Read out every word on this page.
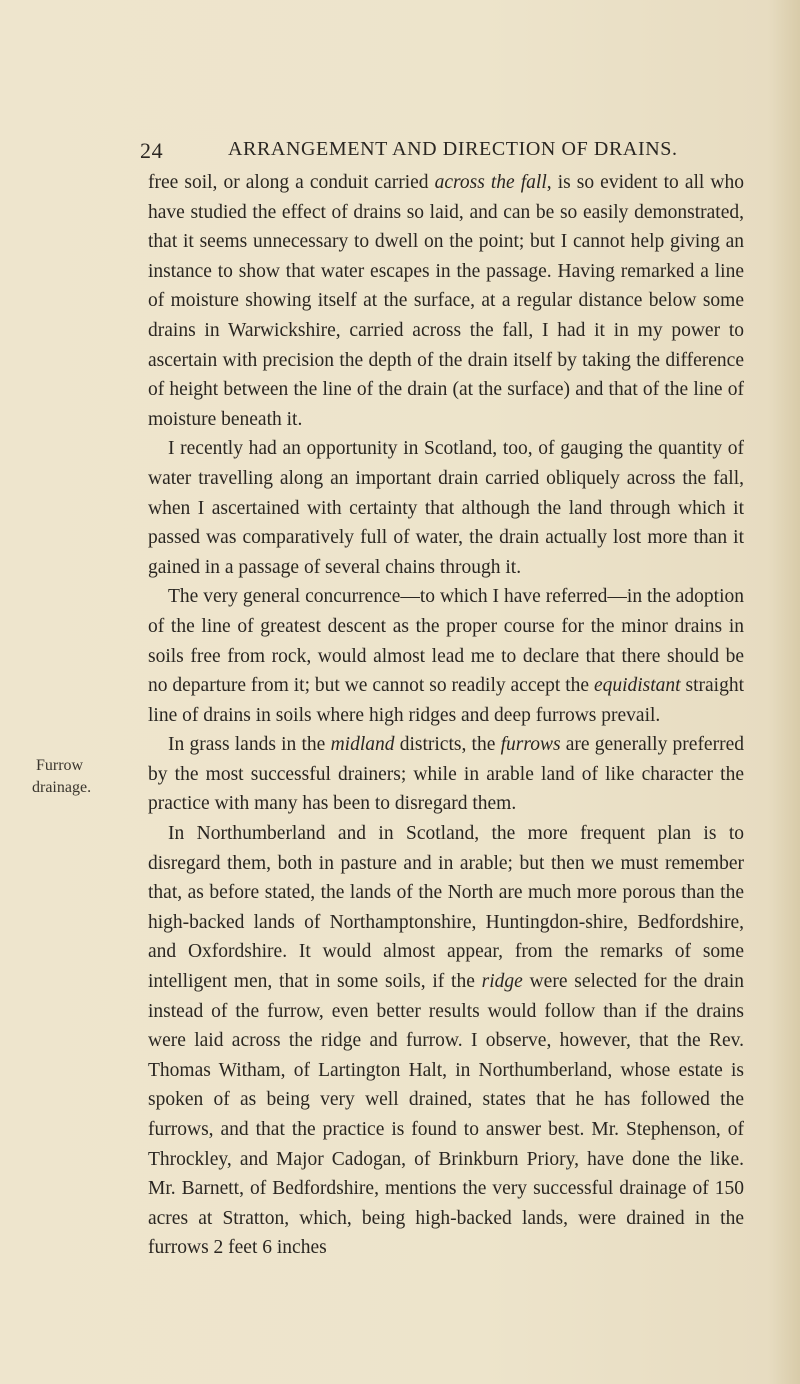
24	ARRANGEMENT AND DIRECTION OF DRAINS.
Furrow
drainage.

free soil, or along a conduit carried across the fall, is so evident to all who have studied the effect of drains so laid, and can be so easily demonstrated, that it seems unnecessary to dwell on the point; but I cannot help giving an instance to show that water escapes in the passage. Having remarked a line of moisture showing itself at the surface, at a regular distance below some drains in Warwickshire, carried across the fall, I had it in my power to ascertain with precision the depth of the drain itself by taking the difference of height between the line of the drain (at the surface) and that of the line of moisture beneath it.

I recently had an opportunity in Scotland, too, of gauging the quantity of water travelling along an important drain carried obliquely across the fall, when I ascertained with certainty that although the land through which it passed was comparatively full of water, the drain actually lost more than it gained in a passage of several chains through it.

The very general concurrence—to which I have referred—in the adoption of the line of greatest descent as the proper course for the minor drains in soils free from rock, would almost lead me to declare that there should be no departure from it; but we cannot so readily accept the equidistant straight line of drains in soils where high ridges and deep furrows prevail.

In grass lands in the midland districts, the furrows are generally preferred by the most successful drainers; while in arable land of like character the practice with many has been to disregard them.

In Northumberland and in Scotland, the more frequent plan is to disregard them, both in pasture and in arable; but then we must remember that, as before stated, the lands of the North are much more porous than the high-backed lands of Northamptonshire, Huntingdon-shire, Bedfordshire, and Oxfordshire. It would almost appear, from the remarks of some intelligent men, that in some soils, if the ridge were selected for the drain instead of the furrow, even better results would follow than if the drains were laid across the ridge and furrow. I observe, however, that the Rev. Thomas Witham, of Lartington Halt, in Northumberland, whose estate is spoken of as being very well drained, states that he has followed the furrows, and that the practice is found to answer best. Mr. Stephenson, of Throckley, and Major Cadogan, of Brinkburn Priory, have done the like. Mr. Barnett, of Bedfordshire, mentions the very successful drainage of 150 acres at Stratton, which, being high-backed lands, were drained in the furrows 2 feet 6 inches
